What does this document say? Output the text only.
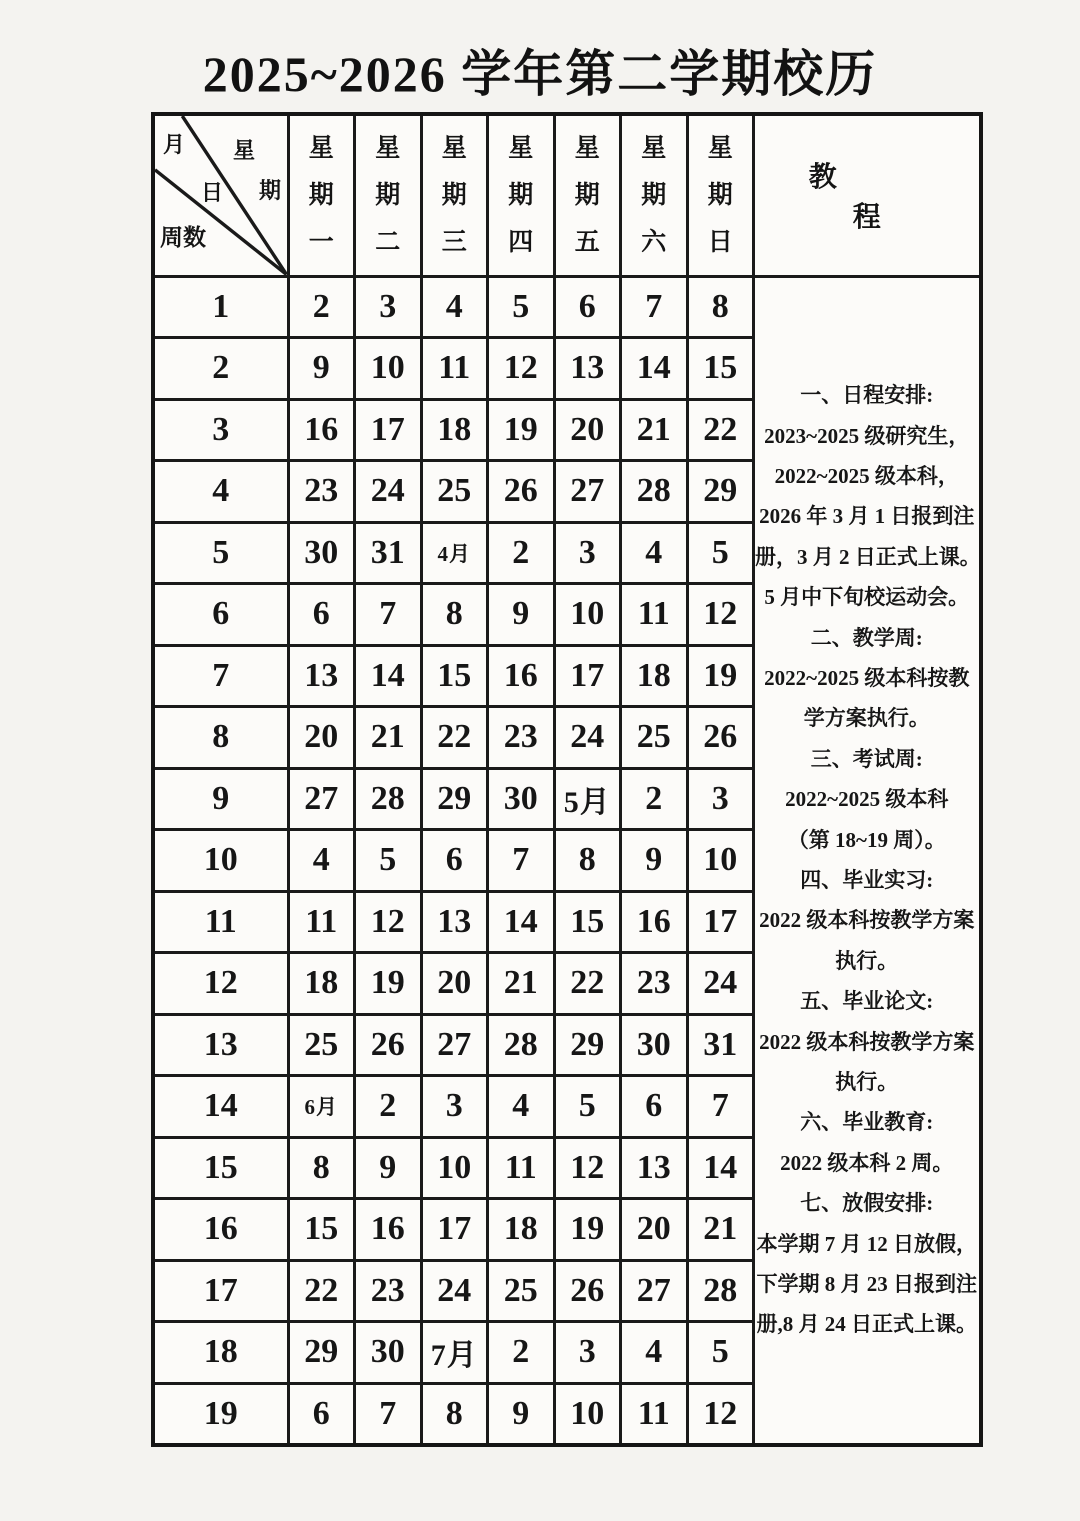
2025~2026 学年第二学期校历
月 星
日 期
周数	星期一	星期二	星期三	星期四	星期五	星期六	星期日	教程
1	2	3	4	5	6	7	8	
一、日程安排:
2023~2025 级研究生，
2022~2025 级本科，
2026 年 3 月 1 日报到注
册，3 月 2 日正式上课。
5 月中下旬校运动会。
二、教学周:
2022~2025 级本科按教
学方案执行。
三、考试周:
2022~2025 级本科
（第 18~19 周）。
四、毕业实习:
2022 级本科按教学方案
执行。
五、毕业论文:
2022 级本科按教学方案
执行。
六、毕业教育:
2022 级本科 2 周。
七、放假安排:
本学期 7 月 12 日放假，
下学期 8 月 23 日报到注
册,8 月 24 日正式上课。

2	9	10	11	12	13	14	15	
3	16	17	18	19	20	21	22	
4	23	24	25	26	27	28	29	
5	30	31	4月	2	3	4	5	
6	6	7	8	9	10	11	12	
7	13	14	15	16	17	18	19	
8	20	21	22	23	24	25	26	
9	27	28	29	30	5月	2	3	
10	4	5	6	7	8	9	10	
11	11	12	13	14	15	16	17	
12	18	19	20	21	22	23	24	
13	25	26	27	28	29	30	31	
14	6月	2	3	4	5	6	7	
15	8	9	10	11	12	13	14	
16	15	16	17	18	19	20	21	
17	22	23	24	25	26	27	28	
18	29	30	7月	2	3	4	5	
19	6	7	8	9	10	11	12	
